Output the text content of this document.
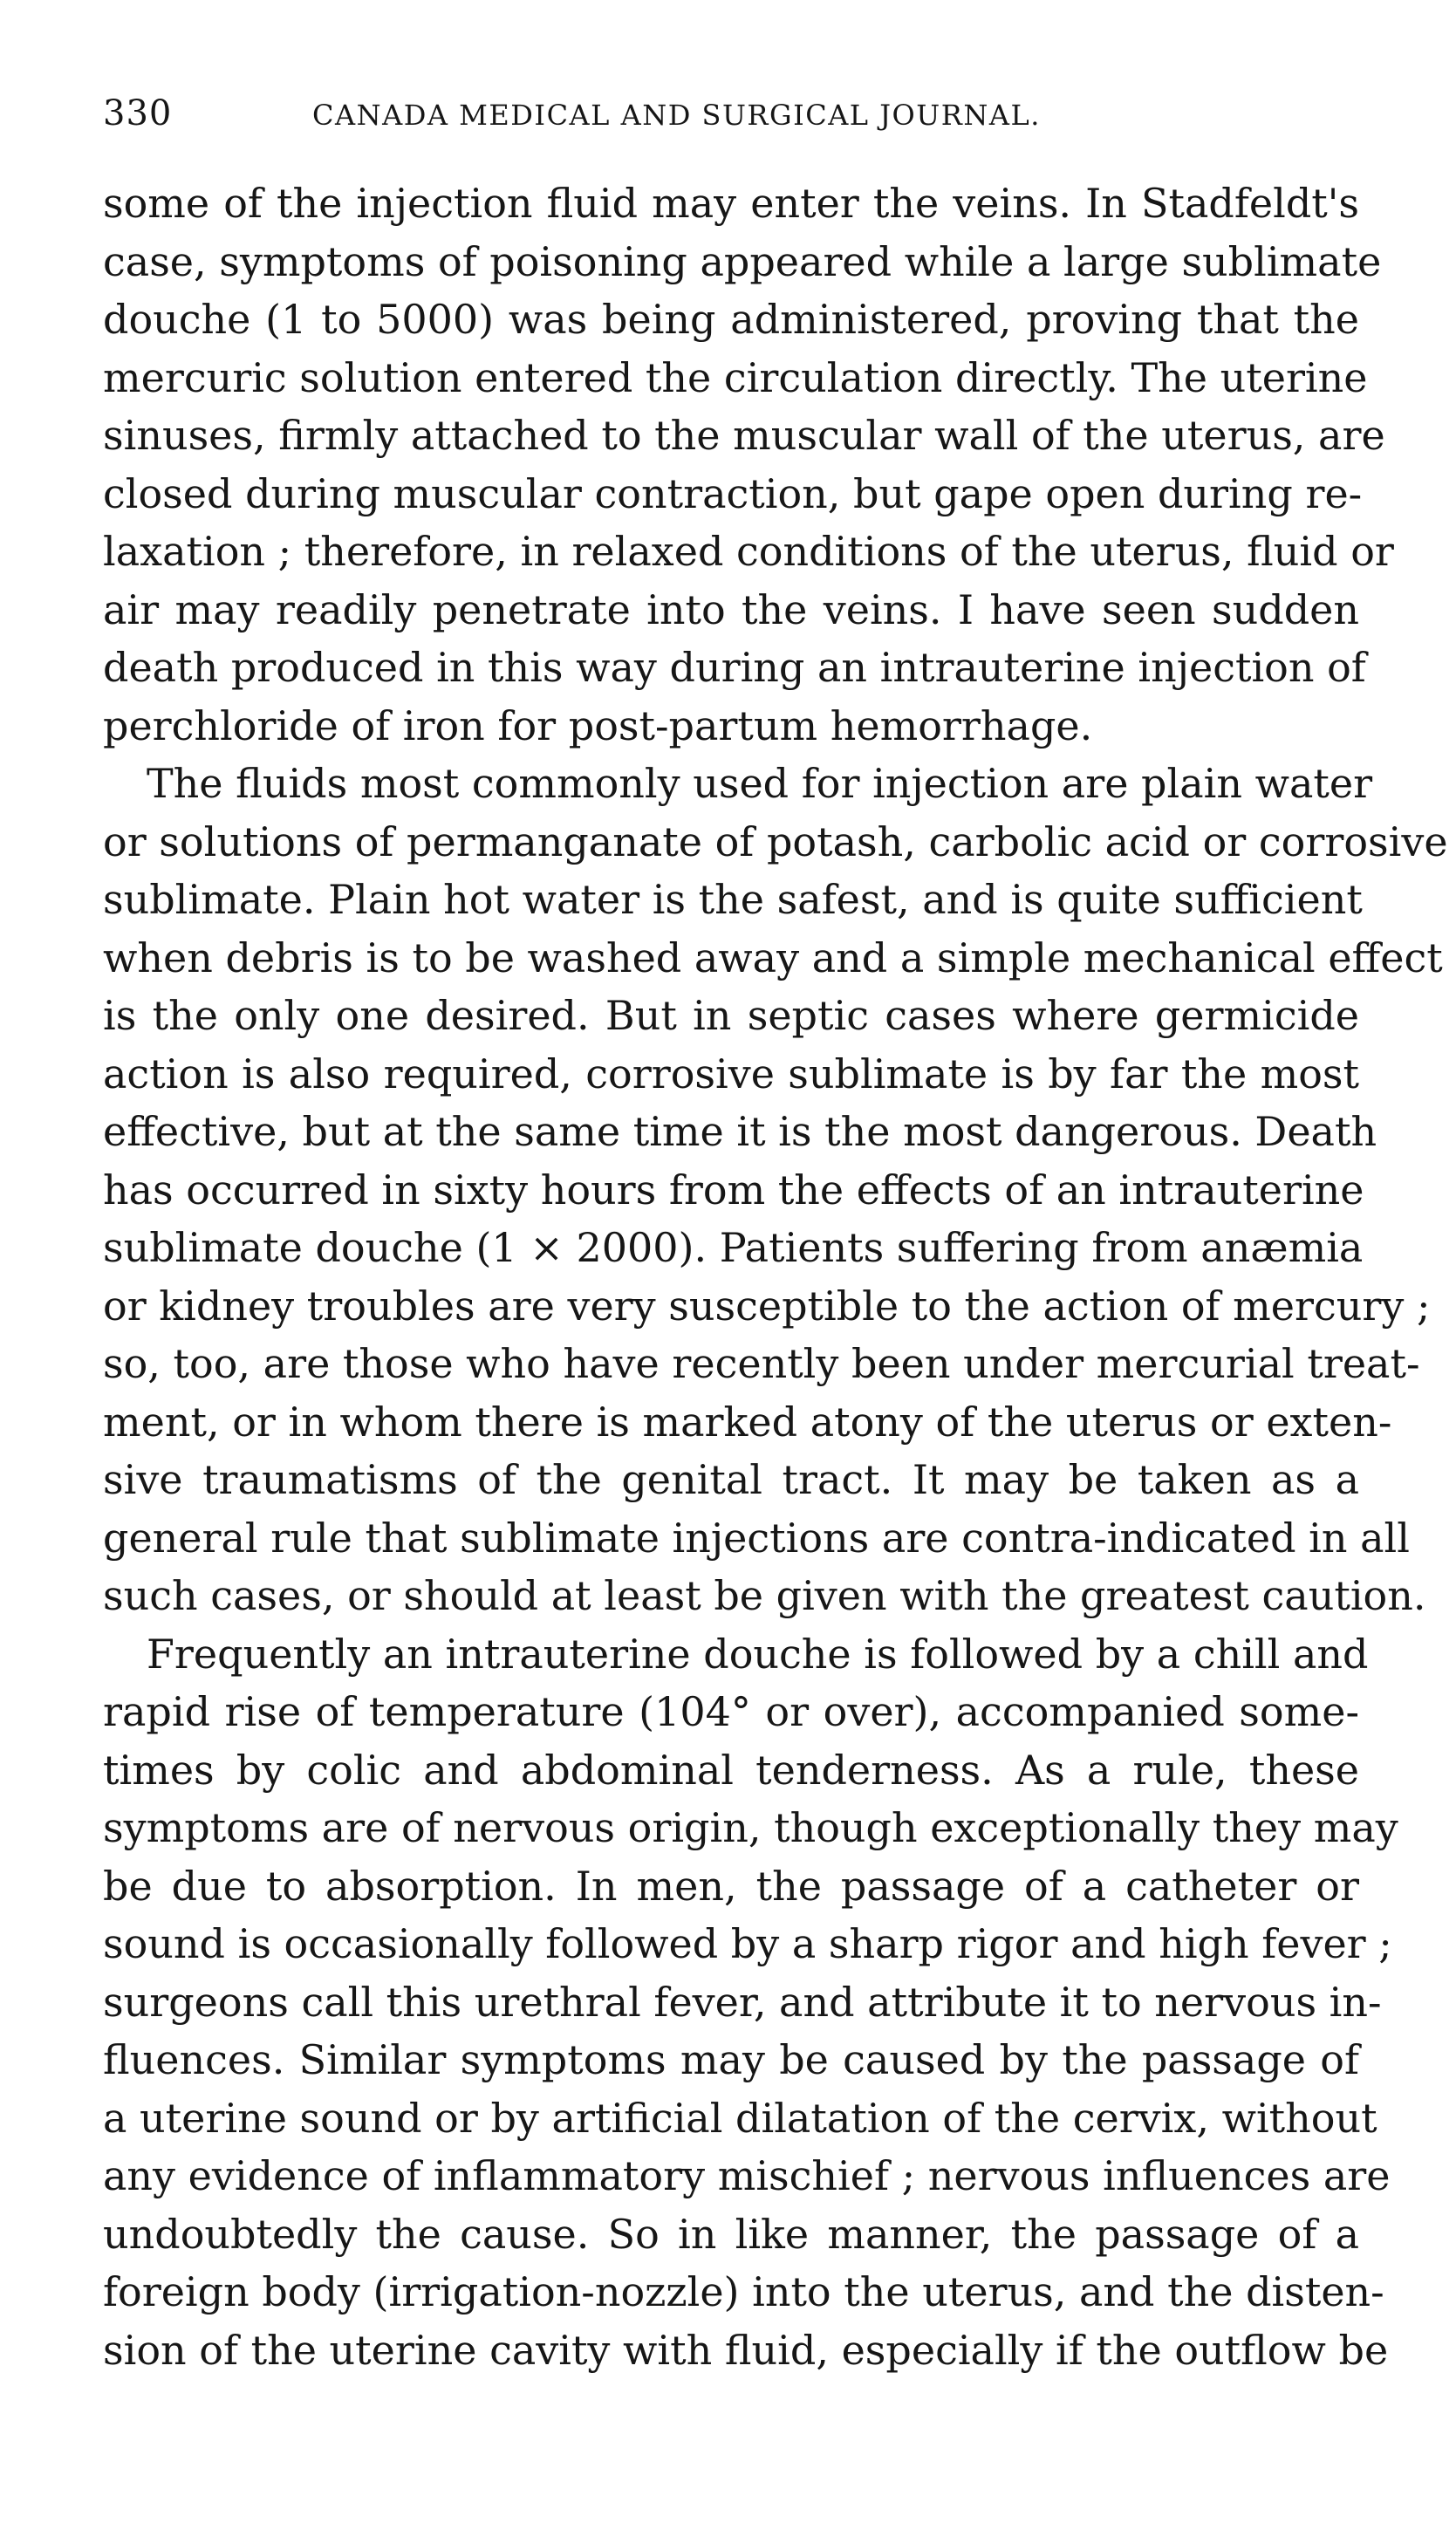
330	CANADA MEDICAL AND SURGICAL JOURNAL.
some of the injection fluid may enter the veins. In Stadfeldt's
case, symptoms of poisoning appeared while a large sublimate
douche (1 to 5000) was being administered, proving that the
mercuric solution entered the circulation directly. The uterine
sinuses, firmly attached to the muscular wall of the uterus, are
closed during muscular contraction, but gape open during re-
laxation ; therefore, in relaxed conditions of the uterus, fluid or
air may readily penetrate into the veins. I have seen sudden
death produced in this way during an intrauterine injection of
perchloride of iron for post-partum hemorrhage.
The fluids most commonly used for injection are plain water
or solutions of permanganate of potash, carbolic acid or corrosive
sublimate. Plain hot water is the safest, and is quite sufficient
when debris is to be washed away and a simple mechanical effect
is the only one desired. But in septic cases where germicide
action is also required, corrosive sublimate is by far the most
effective, but at the same time it is the most dangerous. Death
has occurred in sixty hours from the effects of an intrauterine
sublimate douche (1 × 2000). Patients suffering from anæmia
or kidney troubles are very susceptible to the action of mercury ;
so, too, are those who have recently been under mercurial treat-
ment, or in whom there is marked atony of the uterus or exten-
sive traumatisms of the genital tract. It may be taken as a
general rule that sublimate injections are contra-indicated in all
such cases, or should at least be given with the greatest caution.
Frequently an intrauterine douche is followed by a chill and
rapid rise of temperature (104° or over), accompanied some-
times by colic and abdominal tenderness. As a rule, these
symptoms are of nervous origin, though exceptionally they may
be due to absorption. In men, the passage of a catheter or
sound is occasionally followed by a sharp rigor and high fever ;
surgeons call this urethral fever, and attribute it to nervous in-
fluences. Similar symptoms may be caused by the passage of
a uterine sound or by artificial dilatation of the cervix, without
any evidence of inflammatory mischief ; nervous influences are
undoubtedly the cause. So in like manner, the passage of a
foreign body (irrigation-nozzle) into the uterus, and the disten-
sion of the uterine cavity with fluid, especially if the outflow be
